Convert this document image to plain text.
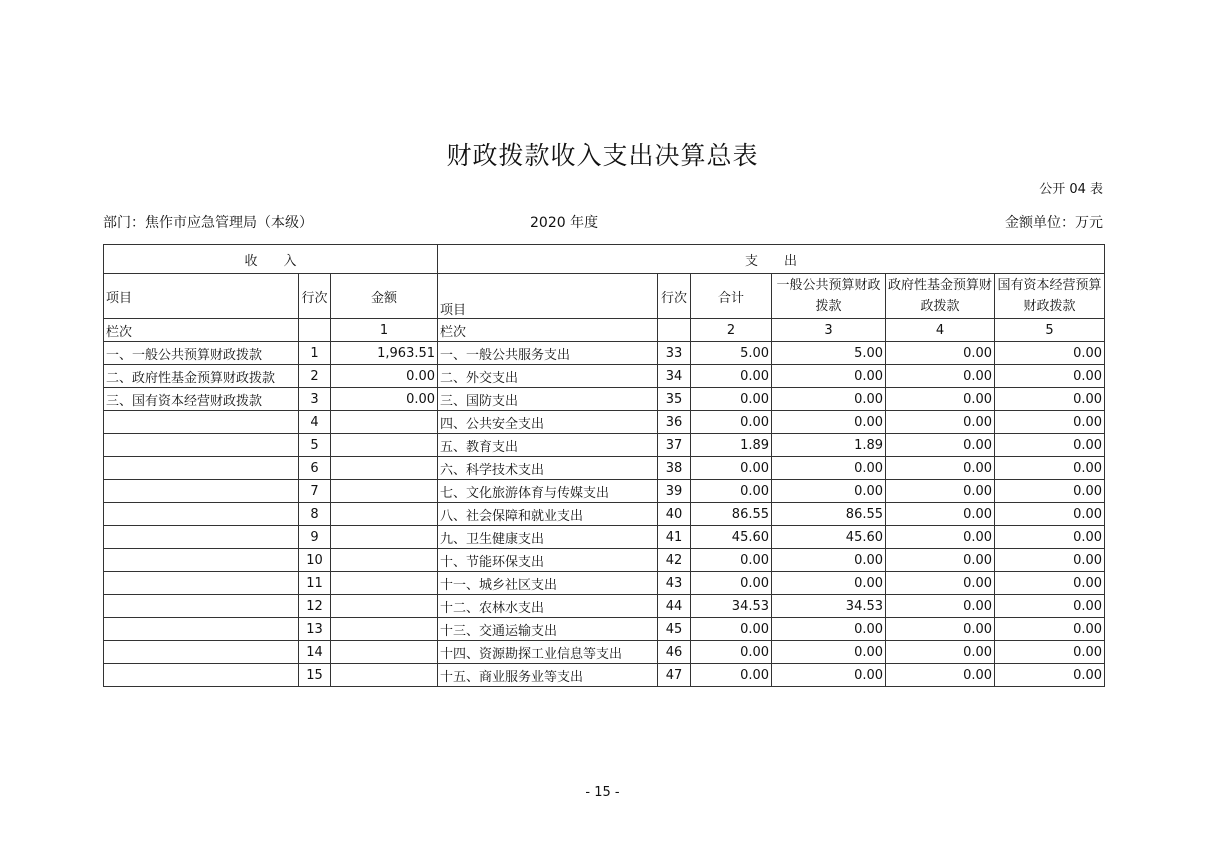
财政拨款收入支出决算总表
公开 04 表
部门：焦作市应急管理局（本级）	2020 年度	金额单位：万元
收　　入			支　　出					
项目	行次	金额	项目	行次	合计	一般公共预算财政拨款	政府性基金预算财政拨款	国有资本经营预算财政拨款
栏次		1	栏次		2	3	4	5
一、一般公共预算财政拨款	1	1,963.51	一、一般公共服务支出	33	5.00	5.00	0.00	0.00
二、政府性基金预算财政拨款	2	0.00	二、外交支出	34	0.00	0.00	0.00	0.00
三、国有资本经营财政拨款	3	0.00	三、国防支出	35	0.00	0.00	0.00	0.00
	4		四、公共安全支出	36	0.00	0.00	0.00	0.00
	5		五、教育支出	37	1.89	1.89	0.00	0.00
	6		六、科学技术支出	38	0.00	0.00	0.00	0.00
	7		七、文化旅游体育与传媒支出	39	0.00	0.00	0.00	0.00
	8		八、社会保障和就业支出	40	86.55	86.55	0.00	0.00
	9		九、卫生健康支出	41	45.60	45.60	0.00	0.00
	10		十、节能环保支出	42	0.00	0.00	0.00	0.00
	11		十一、城乡社区支出	43	0.00	0.00	0.00	0.00
	12		十二、农林水支出	44	34.53	34.53	0.00	0.00
	13		十三、交通运输支出	45	0.00	0.00	0.00	0.00
	14		十四、资源勘探工业信息等支出	46	0.00	0.00	0.00	0.00
	15		十五、商业服务业等支出	47	0.00	0.00	0.00	0.00
- 15 -
